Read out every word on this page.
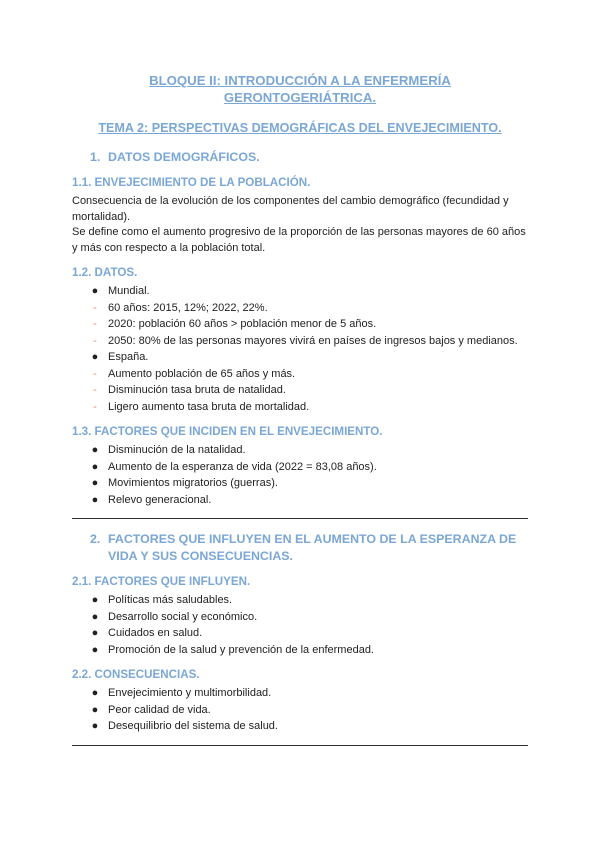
BLOQUE II: INTRODUCCIÓN A LA ENFERMERÍA
GERONTOGERIÁTRICA.

TEMA 2: PERSPECTIVAS DEMOGRÁFICAS DEL ENVEJECIMIENTO.

1. DATOS DEMOGRÁFICOS.
1.1. ENVEJECIMIENTO DE LA POBLACIÓN.

Consecuencia de la evolución de los componentes del cambio demográfico (fecundidad y mortalidad).

Se define como el aumento progresivo de la proporción de las personas mayores de 60 años y más con respecto a la población total.

1.2. DATOS.
● Mundial.
-	60 años: 2015, 12%; 2022, 22%.
-	2020: población 60 años > población menor de 5 años.
-	2050: 80% de las personas mayores vivirá en países de ingresos bajos y medianos.
● España.
-	Aumento población de 65 años y más.
-	Disminución tasa bruta de natalidad.
-	Ligero aumento tasa bruta de mortalidad.
1.3. FACTORES QUE INCIDEN EN EL ENVEJECIMIENTO.
● Disminución de la natalidad.
● Aumento de la esperanza de vida (2022 = 83,08 años).
● Movimientos migratorios (guerras).
● Relevo generacional.
2. FACTORES QUE INFLUYEN EN EL AUMENTO DE LA ESPERANZA DE VIDA Y SUS CONSECUENCIAS.
2.1. FACTORES QUE INFLUYEN.
● Políticas más saludables.
● Desarrollo social y económico.
● Cuidados en salud.
● Promoción de la salud y prevención de la enfermedad.
2.2. CONSECUENCIAS.
● Envejecimiento y multimorbilidad.
● Peor calidad de vida.
● Desequilibrio del sistema de salud.
